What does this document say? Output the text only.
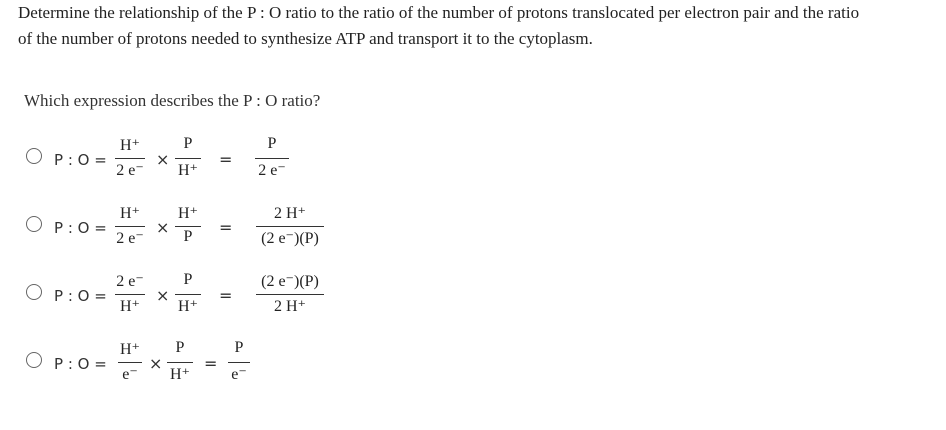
Determine the relationship of the P : O ratio to the ratio of the number of protons translocated per electron pair and the ratio
of the number of protons needed to synthesize ATP and transport it to the cytoplasm.
Which expression describes the P : O ratio?
P : O =
H⁺
2 e⁻
×
P
H⁺
=
P
2 e⁻
P : O =
H⁺
2 e⁻
×
H⁺
P	=
2 H⁺
(2 e⁻)(P)
P : O =
2 e⁻
H⁺
×
P
H⁺
=
(2 e⁻)(P)
2 H⁺
P : O =
H⁺
e⁻
×
P
H⁺
=
P
e⁻
